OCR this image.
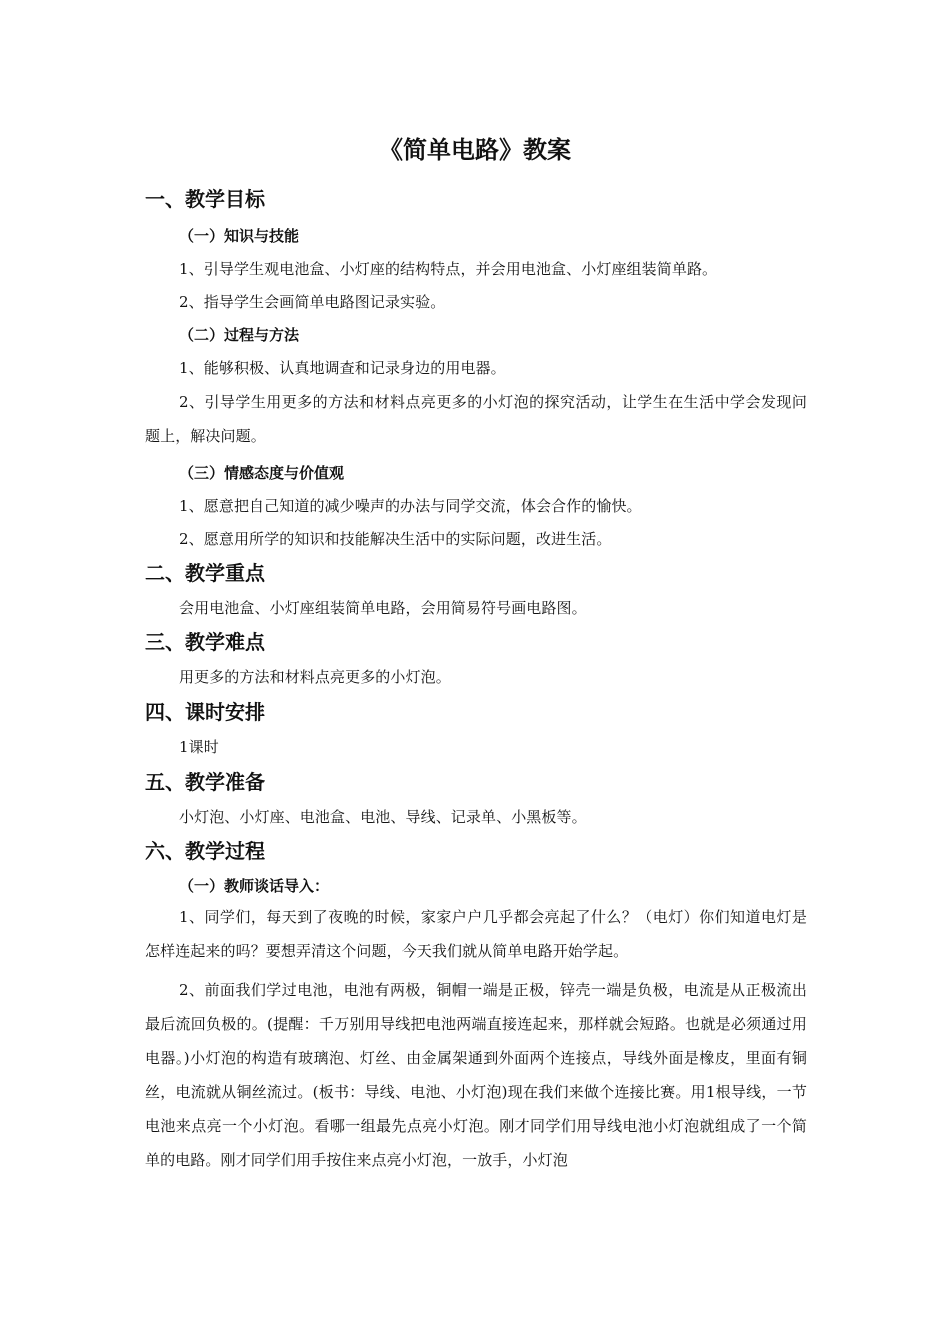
《简单电路》教案
一、教学目标
（一）知识与技能

1、引导学生观电池盒、小灯座的结构特点，并会用电池盒、小灯座组装简单路。

2、指导学生会画简单电路图记录实验。

（二）过程与方法

1、能够积极、认真地调查和记录身边的用电器。

2、引导学生用更多的方法和材料点亮更多的小灯泡的探究活动，让学生在生活中学会发现问题上，解决问题。

（三）情感态度与价值观

1、愿意把自己知道的减少噪声的办法与同学交流，体会合作的愉快。

2、愿意用所学的知识和技能解决生活中的实际问题，改进生活。

二、教学重点

会用电池盒、小灯座组装简单电路，会用简易符号画电路图。

三、教学难点

用更多的方法和材料点亮更多的小灯泡。

四、课时安排

1课时

五、教学准备

小灯泡、小灯座、电池盒、电池、导线、记录单、小黑板等。

六、教学过程
（一）教师谈话导入：

1、同学们，每天到了夜晚的时候，家家户户几乎都会亮起了什么？（电灯）你们知道电灯是怎样连起来的吗？要想弄清这个问题，今天我们就从简单电路开始学起。

2、前面我们学过电池，电池有两极，铜帽一端是正极，锌壳一端是负极，电流是从正极流出最后流回负极的。(提醒：千万别用导线把电池两端直接连起来，那样就会短路。也就是必须通过用电器。)小灯泡的构造有玻璃泡、灯丝、由金属架通到外面两个连接点，导线外面是橡皮，里面有铜丝，电流就从铜丝流过。(板书：导线、电池、小灯泡)现在我们来做个连接比赛。用1根导线，一节电池来点亮一个小灯泡。看哪一组最先点亮小灯泡。刚才同学们用导线电池小灯泡就组成了一个简单的电路。刚才同学们用手按住来点亮小灯泡，一放手，小灯泡
